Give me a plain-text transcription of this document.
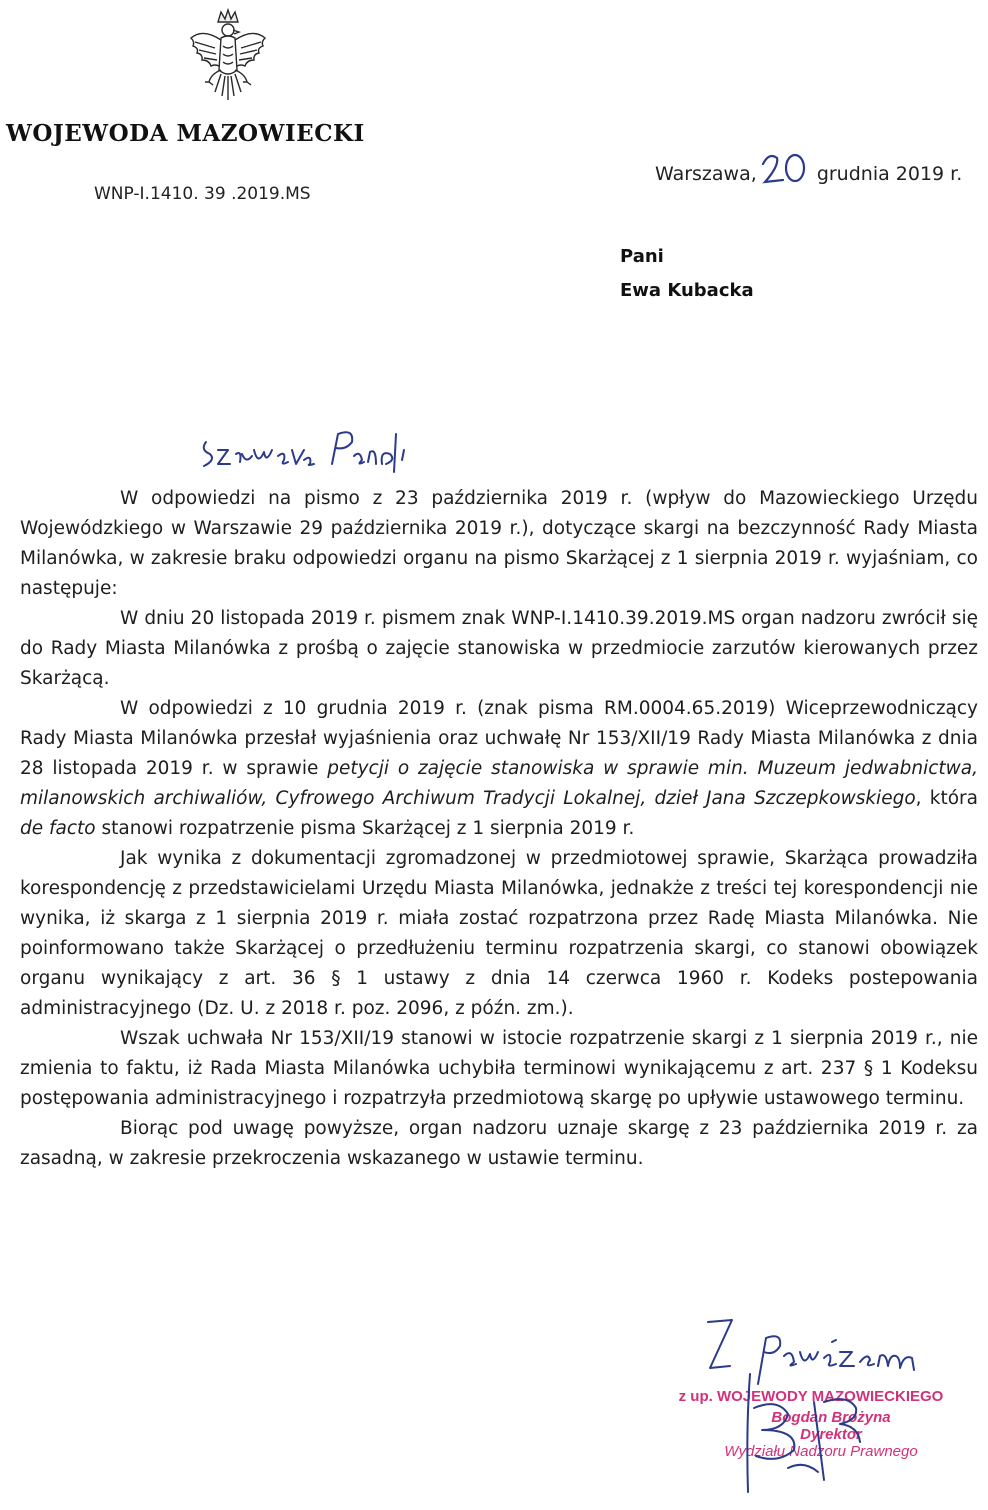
WOJEWODA MAZOWIECKI
WNP-I.1410. 39 .2019.MS
Warszawa,	grudnia 2019 r.
Pani
Ewa Kubacka

W odpowiedzi na pismo z 23 października 2019 r. (wpływ do Mazowieckiego Urzędu Wojewódzkiego w Warszawie 29 października 2019 r.), dotyczące skargi na bezczynność Rady Miasta Milanówka, w zakresie braku odpowiedzi organu na pismo Skarżącej z 1 sierpnia 2019 r. wyjaśniam, co następuje:

W dniu 20 listopada 2019 r. pismem znak WNP-I.1410.39.2019.MS organ nadzoru zwrócił się do Rady Miasta Milanówka z prośbą o zajęcie stanowiska w przedmiocie zarzutów kierowanych przez Skarżącą.

W odpowiedzi z 10 grudnia 2019 r. (znak pisma RM.0004.65.2019) Wiceprzewodniczący Rady Miasta Milanówka przesłał wyjaśnienia oraz uchwałę Nr 153/XII/19 Rady Miasta Milanówka z dnia 28 listopada 2019 r. w sprawie petycji o zajęcie stanowiska w sprawie min. Muzeum jedwabnictwa, milanowskich archiwaliów, Cyfrowego Archiwum Tradycji Lokalnej, dzieł Jana Szczepkowskiego, która de facto stanowi rozpatrzenie pisma Skarżącej z 1 sierpnia 2019 r.

Jak wynika z dokumentacji zgromadzonej w przedmiotowej sprawie, Skarżąca prowadziła korespondencję z przedstawicielami Urzędu Miasta Milanówka, jednakże z treści tej korespondencji nie wynika, iż skarga z 1 sierpnia 2019 r. miała zostać rozpatrzona przez Radę Miasta Milanówka. Nie poinformowano także Skarżącej o przedłużeniu terminu rozpatrzenia skargi, co stanowi obowiązek organu wynikający z art. 36 § 1 ustawy z dnia 14 czerwca 1960 r. Kodeks postepowania administracyjnego (Dz. U. z 2018 r. poz. 2096, z późn. zm.).

Wszak uchwała Nr 153/XII/19 stanowi w istocie rozpatrzenie skargi z 1 sierpnia 2019 r., nie zmienia to faktu, iż Rada Miasta Milanówka uchybiła terminowi wynikającemu z art. 237 § 1 Kodeksu postępowania administracyjnego i rozpatrzyła przedmiotową skargę po upływie ustawowego terminu.

Biorąc pod uwagę powyższe, organ nadzoru uznaje skargę z 23 października 2019 r. za zasadną, w zakresie przekroczenia wskazanego w ustawie terminu.

z up. WOJEWODY MAZOWIECKIEGO
Bogdan Brożyna
Dyrektor
Wydziału Nadzoru Prawnego
